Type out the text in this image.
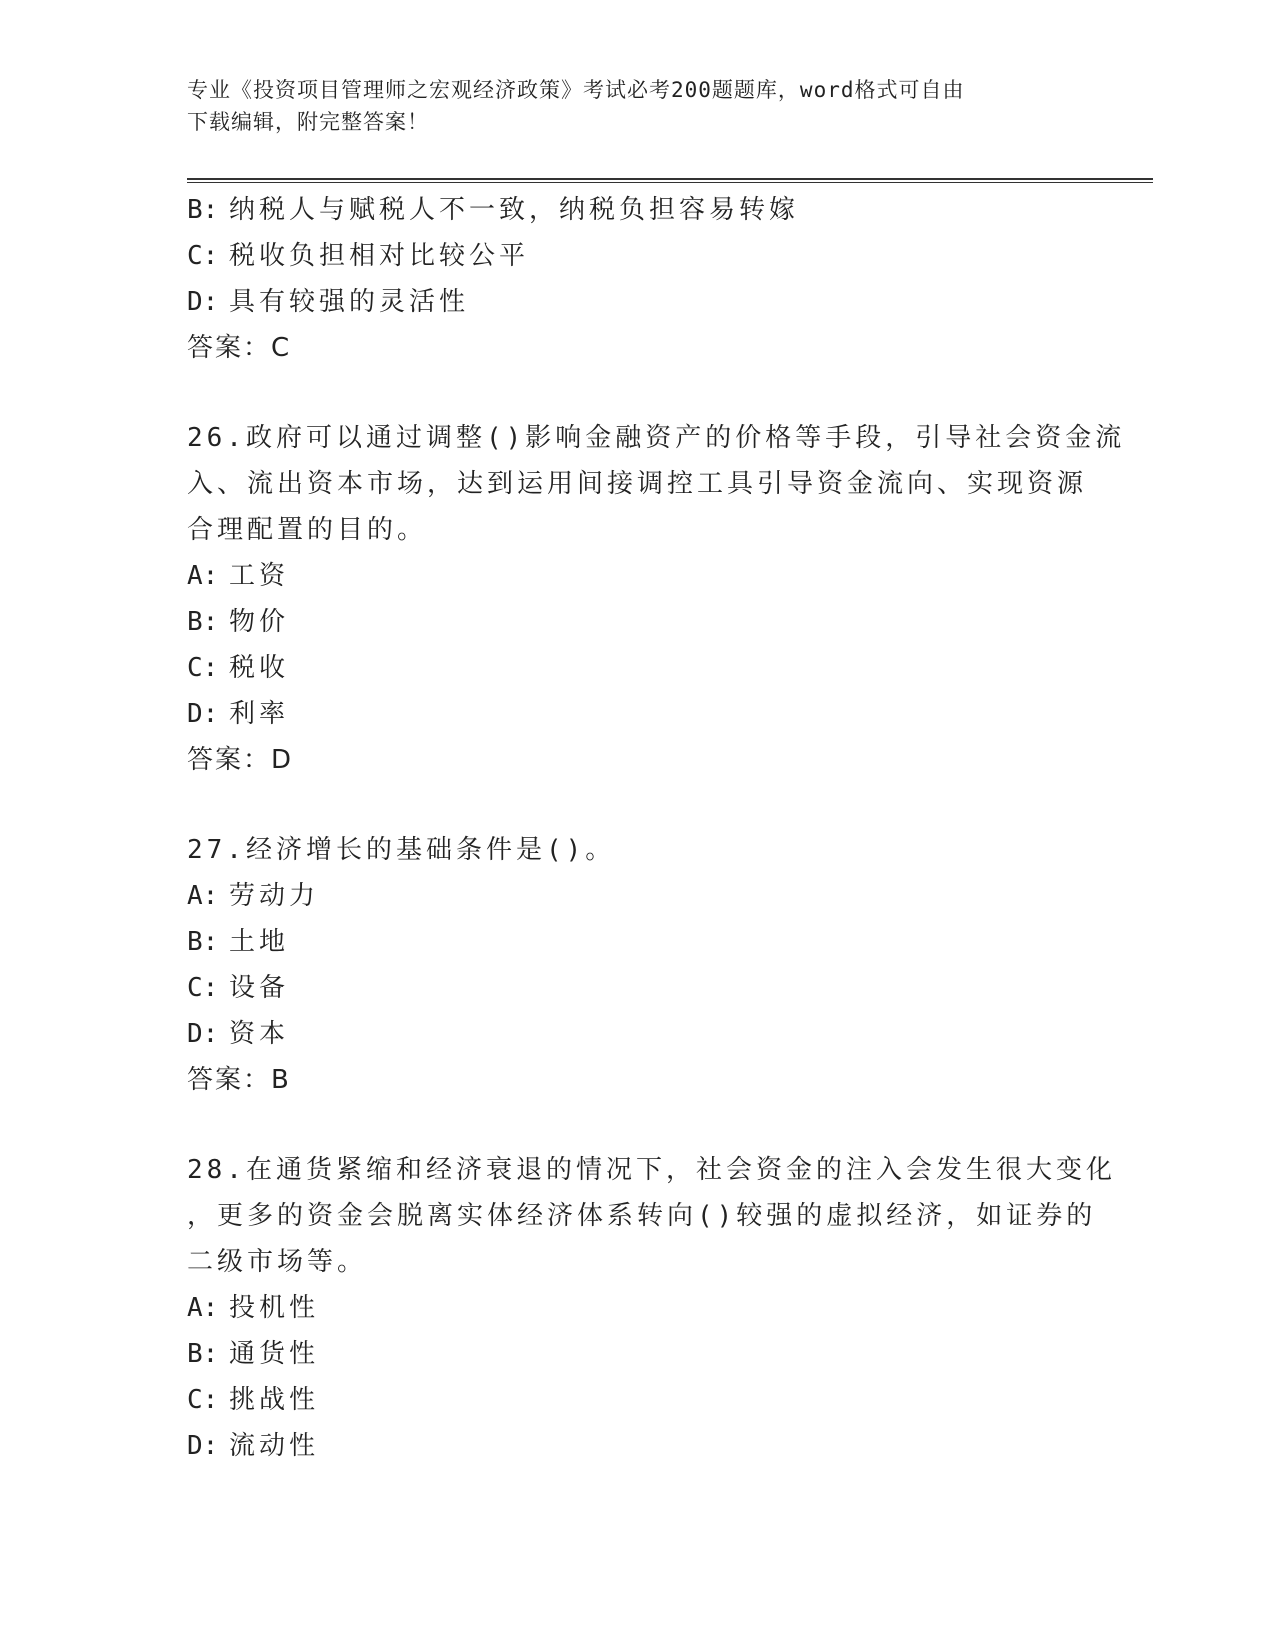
专业《投资项目管理师之宏观经济政策》考试必考200题题库，word格式可自由
下载编辑，附完整答案！
B: 纳税人与赋税人不一致，纳税负担容易转嫁
C: 税收负担相对比较公平
D: 具有较强的灵活性
答案：C
26.政府可以通过调整()影响金融资产的价格等手段，引导社会资金流
入、流出资本市场，达到运用间接调控工具引导资金流向、实现资源
合理配置的目的。
A: 工资
B: 物价
C: 税收
D: 利率
答案：D
27.经济增长的基础条件是()。
A: 劳动力
B: 土地
C: 设备
D: 资本
答案：B
28.在通货紧缩和经济衰退的情况下，社会资金的注入会发生很大变化
，更多的资金会脱离实体经济体系转向()较强的虚拟经济，如证券的
二级市场等。
A: 投机性
B: 通货性
C: 挑战性
D: 流动性
